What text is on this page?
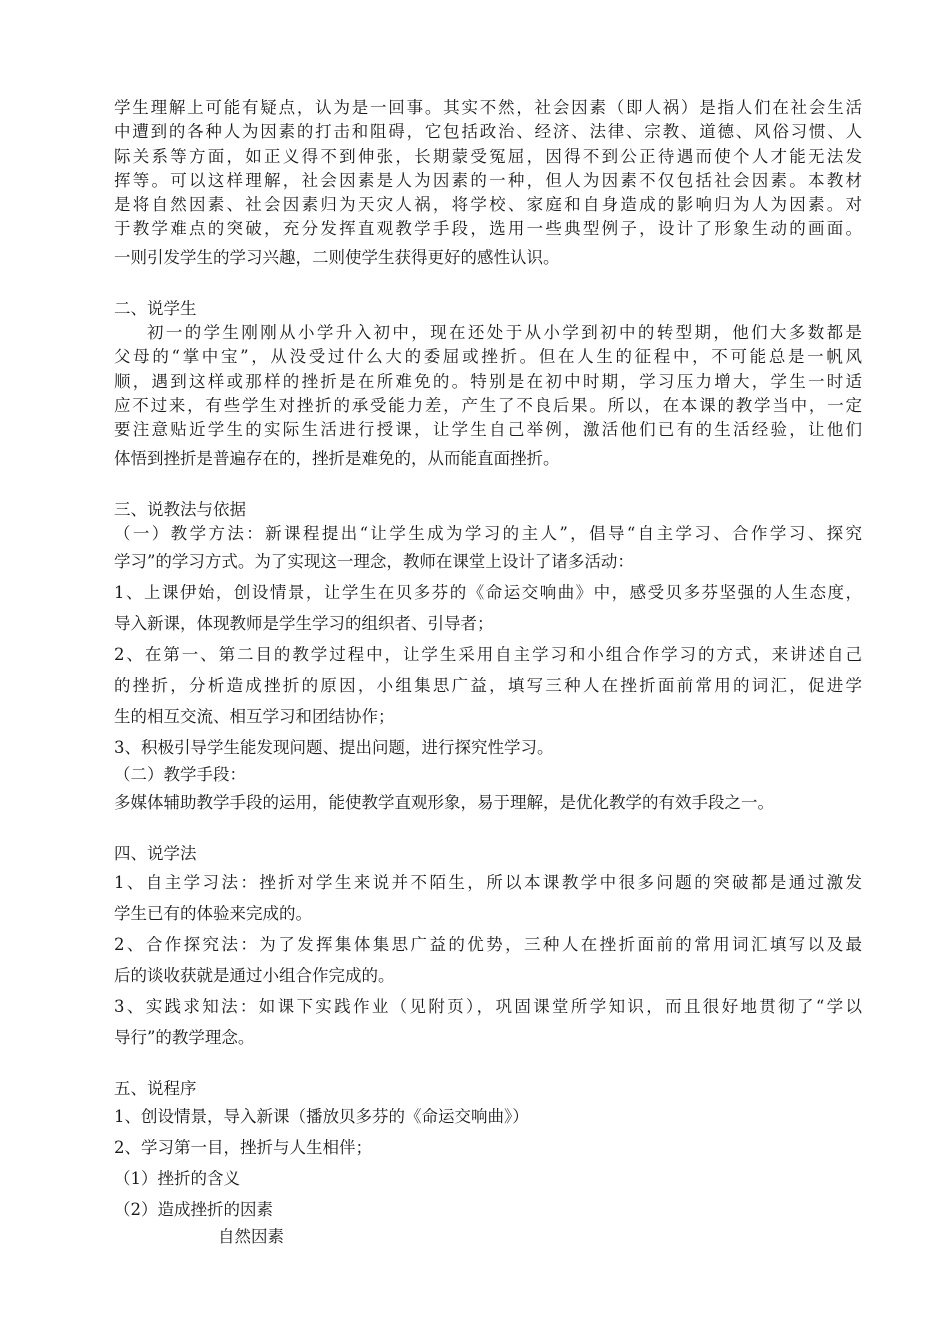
学生理解上可能有疑点，认为是一回事。其实不然，社会因素（即人祸）是指人们在社会生活

中遭到的各种人为因素的打击和阻碍，它包括政治、经济、法律、宗教、道德、风俗习惯、人

际关系等方面，如正义得不到伸张，长期蒙受冤屈，因得不到公正待遇而使个人才能无法发

挥等。可以这样理解，社会因素是人为因素的一种，但人为因素不仅包括社会因素。本教材

是将自然因素、社会因素归为天灾人祸，将学校、家庭和自身造成的影响归为人为因素。对

于教学难点的突破，充分发挥直观教学手段，选用一些典型例子，设计了形象生动的画面。

一则引发学生的学习兴趣，二则使学生获得更好的感性认识。

二、说学生

初一的学生刚刚从小学升入初中，现在还处于从小学到初中的转型期，他们大多数都是

父母的“掌中宝”，从没受过什么大的委屈或挫折。但在人生的征程中，不可能总是一帆风

顺，遇到这样或那样的挫折是在所难免的。特别是在初中时期，学习压力增大，学生一时适

应不过来，有些学生对挫折的承受能力差，产生了不良后果。所以，在本课的教学当中，一定

要注意贴近学生的实际生活进行授课，让学生自己举例，激活他们已有的生活经验，让他们

体悟到挫折是普遍存在的，挫折是难免的，从而能直面挫折。

三、说教法与依据

（一）教学方法：新课程提出“让学生成为学习的主人”，倡导“自主学习、合作学习、探究

学习”的学习方式。为了实现这一理念，教师在课堂上设计了诸多活动：

1、上课伊始，创设情景，让学生在贝多芬的《命运交响曲》中，感受贝多芬坚强的人生态度，

导入新课，体现教师是学生学习的组织者、引导者；

2、在第一、第二目的教学过程中，让学生采用自主学习和小组合作学习的方式，来讲述自己

的挫折，分析造成挫折的原因，小组集思广益，填写三种人在挫折面前常用的词汇，促进学

生的相互交流、相互学习和团结协作；

3、积极引导学生能发现问题、提出问题，进行探究性学习。

（二）教学手段：

多媒体辅助教学手段的运用，能使教学直观形象，易于理解，是优化教学的有效手段之一。

四、说学法

1、自主学习法：挫折对学生来说并不陌生，所以本课教学中很多问题的突破都是通过激发

学生已有的体验来完成的。

2、合作探究法：为了发挥集体集思广益的优势，三种人在挫折面前的常用词汇填写以及最

后的谈收获就是通过小组合作完成的。

3、实践求知法：如课下实践作业（见附页），巩固课堂所学知识，而且很好地贯彻了“学以

导行”的教学理念。

五、说程序

1、创设情景，导入新课（播放贝多芬的《命运交响曲》）

2、学习第一目，挫折与人生相伴；

（1）挫折的含义

（2）造成挫折的因素

自然因素
